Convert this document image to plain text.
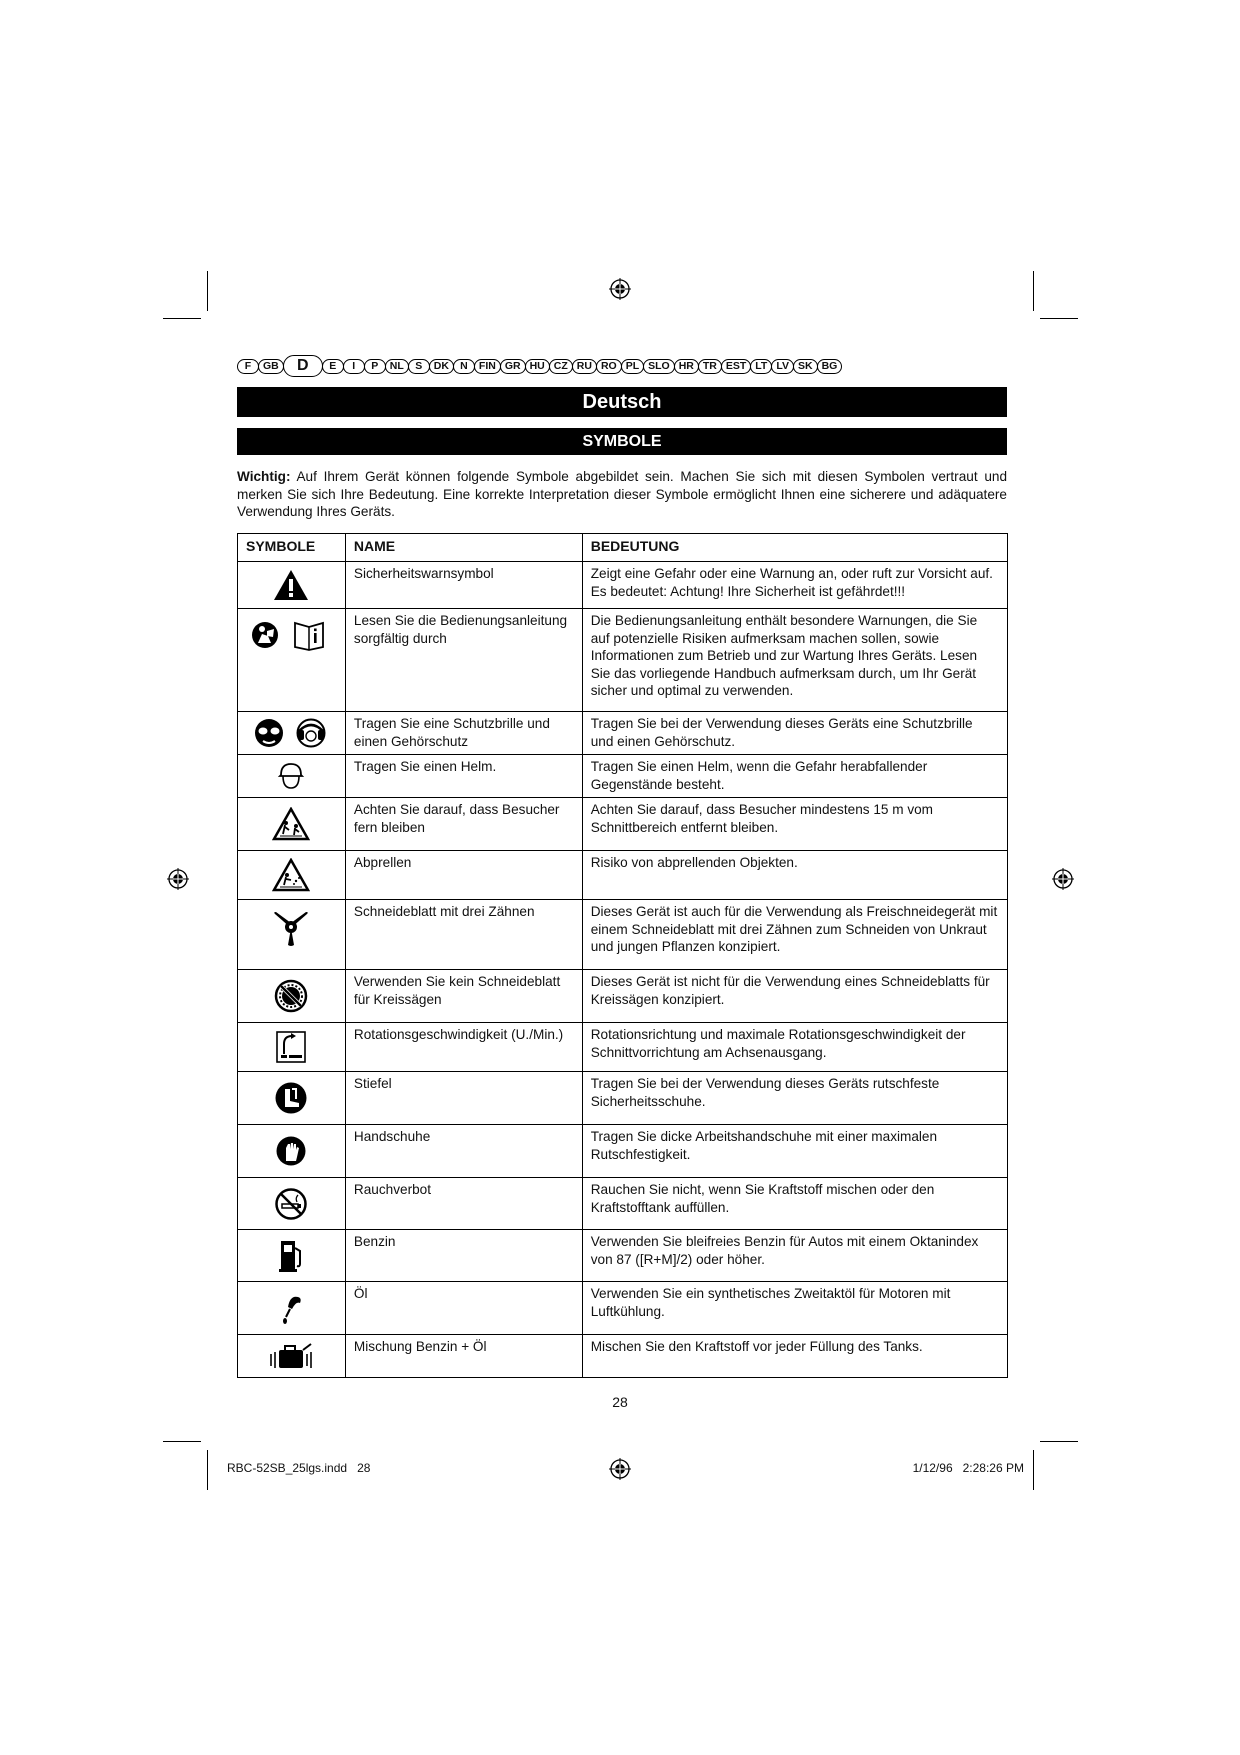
F	GB	D	E	I	P	NL	S	DK	N	FIN GR HU CZ RU RO PL SLO HR TR EST LT LV SK BG
Deutsch
SYMBOLE
Wichtig: Auf Ihrem Gerät können folgende Symbole abgebildet sein. Machen Sie sich mit diesen Symbolen vertraut und merken Sie sich Ihre Bedeutung. Eine korrekte Interpretation dieser Symbole ermöglicht Ihnen eine sicherere und adäquatere Verwendung Ihres Geräts.
SYMBOLE	NAME	BEDEUTUNG
	Sicherheitswarnsymbol	Zeigt eine Gefahr oder eine Warnung an, oder ruft zur Vorsicht auf. Es bedeutet: Achtung! Ihre Sicherheit ist gefährdet!!!
	Lesen Sie die Bedienungsanleitung sorgfältig durch	Die Bedienungsanleitung enthält besondere Warnungen, die Sie auf potenzielle Risiken aufmerksam machen sollen, sowie Informationen zum Betrieb und zur Wartung Ihres Geräts. Lesen Sie das vorliegende Handbuch aufmerksam durch, um Ihr Gerät sicher und optimal zu verwenden.
	Tragen Sie eine Schutzbrille und einen Gehörschutz	Tragen Sie bei der Verwendung dieses Geräts eine Schutzbrille und einen Gehörschutz.
	Tragen Sie einen Helm.	Tragen Sie einen Helm, wenn die Gefahr herabfallender Gegenstände besteht.
	Achten Sie darauf, dass Besucher fern bleiben	Achten Sie darauf, dass Besucher mindestens 15 m vom Schnittbereich entfernt bleiben.
	Abprellen	Risiko von abprellenden Objekten.
	Schneideblatt mit drei Zähnen	Dieses Gerät ist auch für die Verwendung als Freischneidegerät mit einem Schneideblatt mit drei Zähnen zum Schneiden von Unkraut und jungen Pflanzen konzipiert.
	Verwenden Sie kein Schneideblatt für Kreissägen	Dieses Gerät ist nicht für die Verwendung eines Schneideblatts für Kreissägen konzipiert.
	Rotationsgeschwindigkeit (U./Min.)	Rotationsrichtung und maximale Rotationsgeschwindigkeit der Schnittvorrichtung am Achsenausgang.
	Stiefel	Tragen Sie bei der Verwendung dieses Geräts rutschfeste Sicherheitsschuhe.
	Handschuhe	Tragen Sie dicke Arbeitshandschuhe mit einer maximalen Rutschfestigkeit.
	Rauchverbot	Rauchen Sie nicht, wenn Sie Kraftstoff mischen oder den Kraftstofftank auffüllen.
	Benzin	Verwenden Sie bleifreies Benzin für Autos mit einem Oktanindex von 87 ([R+M]/2) oder höher.
	Öl	Verwenden Sie ein synthetisches Zweitaktöl für Motoren mit Luftkühlung.
	Mischung Benzin + Öl	Mischen Sie den Kraftstoff vor jeder Füllung des Tanks.
28
RBC-52SB_25lgs.indd   28	1/12/96   2:28:26 PM
